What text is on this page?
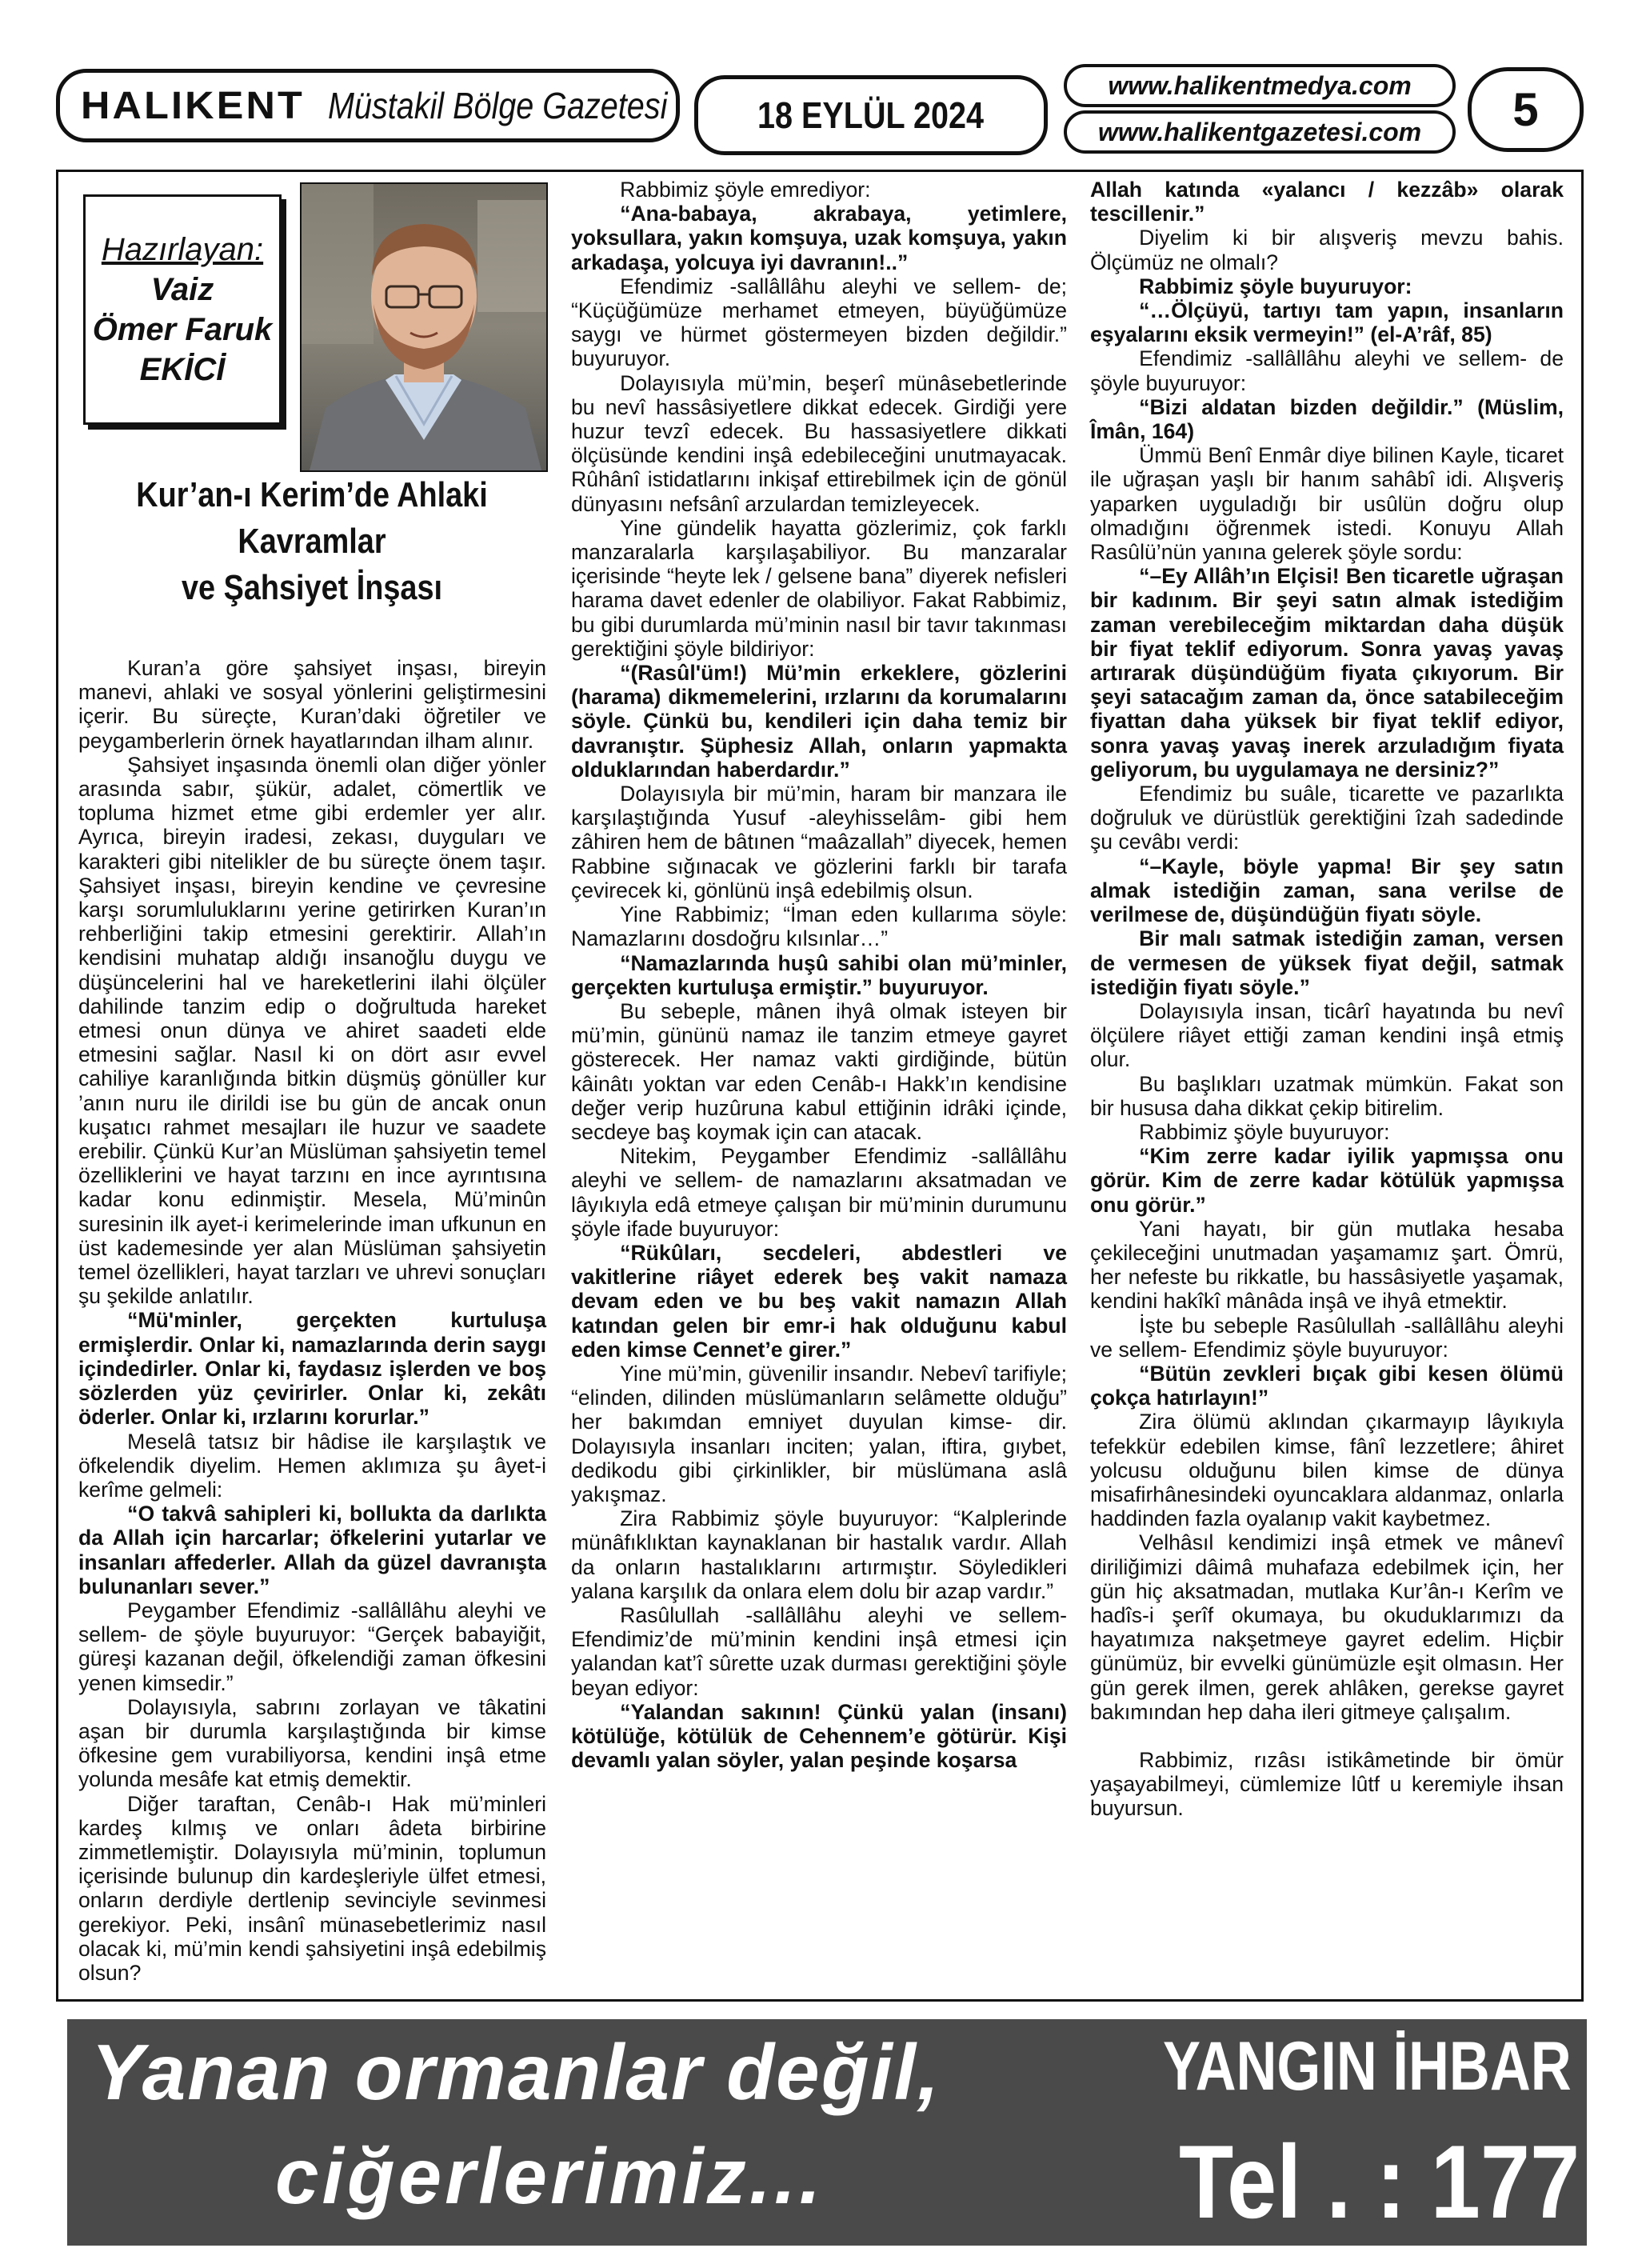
HALIKENT Müstakil Bölge Gazetesi 18 EYLÜL 2024
www.halikentmedya.com
www.halikentgazetesi.com 5
Hazırlayan:
Vaiz
Ömer Faruk
EKİCİ
Kur’an-ı Kerim’de Ahlaki Kavramlar
ve Şahsiyet İnşası

Kuran’a göre şahsiyet inşası, bireyin manevi, ahlaki ve sosyal yönlerini geliştirmesini içerir. Bu süreçte, Kuran’daki öğretiler ve peygamberlerin örnek hayatlarından ilham alınır.

Şahsiyet inşasında önemli olan diğer yönler arasında sabır, şükür, adalet, cömertlik ve topluma hizmet etme gibi erdemler yer alır. Ayrıca, bireyin iradesi, zekası, duyguları ve karakteri gibi nitelikler de bu süreçte önem taşır. Şahsiyet inşası, bireyin kendine ve çevresine karşı sorumluluklarını yerine getirirken Kuran’ın rehberliğini takip etmesini gerektirir. Allah’ın kendisini muhatap aldığı insanoğlu duygu ve düşüncelerini hal ve hareketlerini ilahi ölçüler dahilinde tanzim edip o doğrultuda hareket etmesi onun dünya ve ahiret saadeti elde etmesini sağlar. Nasıl ki on dört asır evvel cahiliye karanlığında bitkin düşmüş gönüller kur ’anın nuru ile dirildi ise bu gün de ancak onun kuşatıcı rahmet mesajları ile huzur ve saadete erebilir. Çünkü Kur’an Müslüman şahsiyetin temel özelliklerini ve hayat tarzını en ince ayrıntısına kadar konu edinmiştir. Mesela, Mü’minûn suresinin ilk ayet-i kerimelerinde iman ufkunun en üst kademesinde yer alan Müslüman şahsiyetin temel özellikleri, hayat tarzları ve uhrevi sonuçları şu şekilde anlatılır.

“Mü'minler, gerçekten kurtuluşa ermişlerdir. Onlar ki, namazlarında derin saygı içindedirler. Onlar ki, faydasız işlerden ve boş sözlerden yüz çevirirler. Onlar ki, zekâtı öderler. Onlar ki, ırzlarını korurlar.”

Meselâ tatsız bir hâdise ile karşılaştık ve öfkelendik diyelim. Hemen aklımıza şu âyet-i kerîme gelmeli:

“O takvâ sahipleri ki, bollukta da darlıkta da Allah için harcarlar; öfkelerini yutarlar ve insanları affederler. Allah da güzel davranışta bulunanları sever.”

Peygamber Efendimiz -sallâllâhu aleyhi ve sellem- de şöyle buyuruyor: “Gerçek babayiğit, güreşi kazanan değil, öfkelendiği zaman öfkesini yenen kimsedir.”

Dolayısıyla, sabrını zorlayan ve tâkatini aşan bir durumla karşılaştığında bir kimse öfkesine gem vurabiliyorsa, kendini inşâ etme yolunda mesâfe kat etmiş demektir.

Diğer taraftan, Cenâb-ı Hak mü’minleri kardeş kılmış ve onları âdeta birbirine zimmetlemiştir. Dolayısıyla mü’minin, toplumun içerisinde bulunup din kardeşleriyle ülfet etmesi, onların derdiyle dertlenip sevinciyle sevinmesi gerekiyor. Peki, insânî münasebetlerimiz nasıl olacak ki, mü’min kendi şahsiyetini inşâ edebilmiş olsun?

Rabbimiz şöyle emrediyor:

“Ana-babaya, akrabaya, yetimlere, yoksullara, yakın komşuya, uzak komşuya, yakın arkadaşa, yolcuya iyi davranın!..”

Efendimiz -sallâllâhu aleyhi ve sellem- de; “Küçüğümüze merhamet etmeyen, büyüğümüze saygı ve hürmet göstermeyen bizden değildir.” buyuruyor.

Dolayısıyla mü’min, beşerî münâsebetlerinde bu nevî hassâsiyetlere dikkat edecek. Girdiği yere huzur tevzî edecek. Bu hassasiyetlere dikkati ölçüsünde kendini inşâ edebileceğini unutmayacak. Rûhânî istidatlarını inkişaf ettirebilmek için de gönül dünyasını nefsânî arzulardan temizleyecek.

Yine gündelik hayatta gözlerimiz, çok farklı manzaralarla karşılaşabiliyor. Bu manzaralar içerisinde “heyte lek / gelsene bana” diyerek nefisleri harama davet edenler de olabiliyor. Fakat Rabbimiz, bu gibi durumlarda mü’minin nasıl bir tavır takınması gerektiğini şöyle bildiriyor:

“(Rasûl'üm!) Mü’min erkeklere, gözlerini (harama) dikmemelerini, ırzlarını da korumalarını söyle. Çünkü bu, kendileri için daha temiz bir davranıştır. Şüphesiz Allah, onların yapmakta olduklarından haberdardır.”

Dolayısıyla bir mü’min, haram bir manzara ile karşılaştığında Yusuf -aleyhisselâm- gibi hem zâhiren hem de bâtınen “maâzallah” diyecek, hemen Rabbine sığınacak ve gözlerini farklı bir tarafa çevirecek ki, gönlünü inşâ edebilmiş olsun.

Yine Rabbimiz; “İman eden kullarıma söyle: Namazlarını dosdoğru kılsınlar…”

“Namazlarında huşû sahibi olan mü’minler, gerçekten kurtuluşa ermiştir.” buyuruyor.

Bu sebeple, mânen ihyâ olmak isteyen bir mü’min, gününü namaz ile tanzim etmeye gayret gösterecek. Her namaz vakti girdiğinde, bütün kâinâtı yoktan var eden Cenâb-ı Hakk’ın kendisine değer verip huzûruna kabul ettiğinin idrâki içinde, secdeye baş koymak için can atacak.

Nitekim, Peygamber Efendimiz -sallâllâhu aleyhi ve sellem- de namazlarını aksatmadan ve lâyıkıyla edâ etmeye çalışan bir mü’minin durumunu şöyle ifade buyuruyor:

“Rükûları, secdeleri, abdestleri ve vakitlerine riâyet ederek beş vakit namaza devam eden ve bu beş vakit namazın Allah katından gelen bir emr-i hak olduğunu kabul eden kimse Cennet’e girer.”

Yine mü’min, güvenilir insandır. Nebevî tarifiyle; “elinden, dilinden müslümanların selâmette olduğu” her bakımdan emniyet duyulan kimse- dir. Dolayısıyla insanları inciten; yalan, iftira, gıybet, dedikodu gibi çirkinlikler, bir müslümana aslâ yakışmaz.

Zira Rabbimiz şöyle buyuruyor: “Kalplerinde münâfıklıktan kaynaklanan bir hastalık vardır. Allah da onların hastalıklarını artırmıştır. Söyledikleri yalana karşılık da onlara elem dolu bir azap vardır.”

Rasûlullah -sallâllâhu aleyhi ve sellem- Efendimiz’de mü’minin kendini inşâ etmesi için yalandan kat’î sûrette uzak durması gerektiğini şöyle beyan ediyor:

“Yalandan sakının! Çünkü yalan (insanı) kötülüğe, kötülük de Cehennem’e götürür. Kişi devamlı yalan söyler, yalan peşinde koşarsa

Allah katında «yalancı / kezzâb» olarak tescillenir.”

Diyelim ki bir alışveriş mevzu bahis. Ölçümüz ne olmalı?

Rabbimiz şöyle buyuruyor:

“…Ölçüyü, tartıyı tam yapın, insanların eşyalarını eksik vermeyin!” (el-A’râf, 85)

Efendimiz -sallâllâhu aleyhi ve sellem- de şöyle buyuruyor:

“Bizi aldatan bizden değildir.” (Müslim, Îmân, 164)

Ümmü Benî Enmâr diye bilinen Kayle, ticaret ile uğraşan yaşlı bir hanım sahâbî idi. Alışveriş yaparken uyguladığı bir usûlün doğru olup olmadığını öğrenmek istedi. Konuyu Allah Rasûlü’nün yanına gelerek şöyle sordu:

“–Ey Allâh’ın Elçisi! Ben ticaretle uğraşan bir kadınım. Bir şeyi satın almak istediğim zaman verebileceğim miktardan daha düşük bir fiyat teklif ediyorum. Sonra yavaş yavaş artırarak düşündüğüm fiyata çıkıyorum. Bir şeyi satacağım zaman da, önce satabileceğim fiyattan daha yüksek bir fiyat teklif ediyor, sonra yavaş yavaş inerek arzuladığım fiyata geliyorum, bu uygulamaya ne dersiniz?”

Efendimiz bu suâle, ticarette ve pazarlıkta doğruluk ve dürüstlük gerektiğini îzah sadedinde şu cevâbı verdi:

“–Kayle, böyle yapma! Bir şey satın almak istediğin zaman, sana verilse de verilmese de, düşündüğün fiyatı söyle.

Bir malı satmak istediğin zaman, versen de vermesen de yüksek fiyat değil, satmak istediğin fiyatı söyle.”

Dolayısıyla insan, ticârî hayatında bu nevî ölçülere riâyet ettiği zaman kendini inşâ etmiş olur.

Bu başlıkları uzatmak mümkün. Fakat son bir hususa daha dikkat çekip bitirelim.

Rabbimiz şöyle buyuruyor:

“Kim zerre kadar iyilik yapmışsa onu görür. Kim de zerre kadar kötülük yapmışsa onu görür.”

Yani hayatı, bir gün mutlaka hesaba çekileceğini unutmadan yaşamamız şart. Ömrü, her nefeste bu rikkatle, bu hassâsiyetle yaşamak, kendini hakîkî mânâda inşâ ve ihyâ etmektir.

İşte bu sebeple Rasûlullah -sallâllâhu aleyhi ve sellem- Efendimiz şöyle buyuruyor:

“Bütün zevkleri bıçak gibi kesen ölümü çokça hatırlayın!”

Zira ölümü aklından çıkarmayıp lâyıkıyla tefekkür edebilen kimse, fânî lezzetlere; âhiret yolcusu olduğunu bilen kimse de dünya misafirhânesindeki oyuncaklara aldanmaz, onlarla haddinden fazla oyalanıp vakit kaybetmez.

Velhâsıl kendimizi inşâ etmek ve mânevî diriliğimizi dâimâ muhafaza edebilmek için, her gün hiç aksatmadan, mutlaka Kur’ân-ı Kerîm ve hadîs-i şerîf okumaya, bu okuduklarımızı da hayatımıza nakşetmeye gayret edelim. Hiçbir günümüz, bir evvelki günümüzle eşit olmasın. Her gün gerek ilmen, gerek ahlâken, gerekse gayret bakımından hep daha ileri gitmeye çalışalım.

Rabbimiz, rızâsı istikâmetinde bir ömür yaşayabilmeyi, cümlemize lûtf u keremiyle ihsan buyursun.

Yanan ormanlar değil,
ciğerlerimiz...
YANGIN İHBAR
Tel . : 177
